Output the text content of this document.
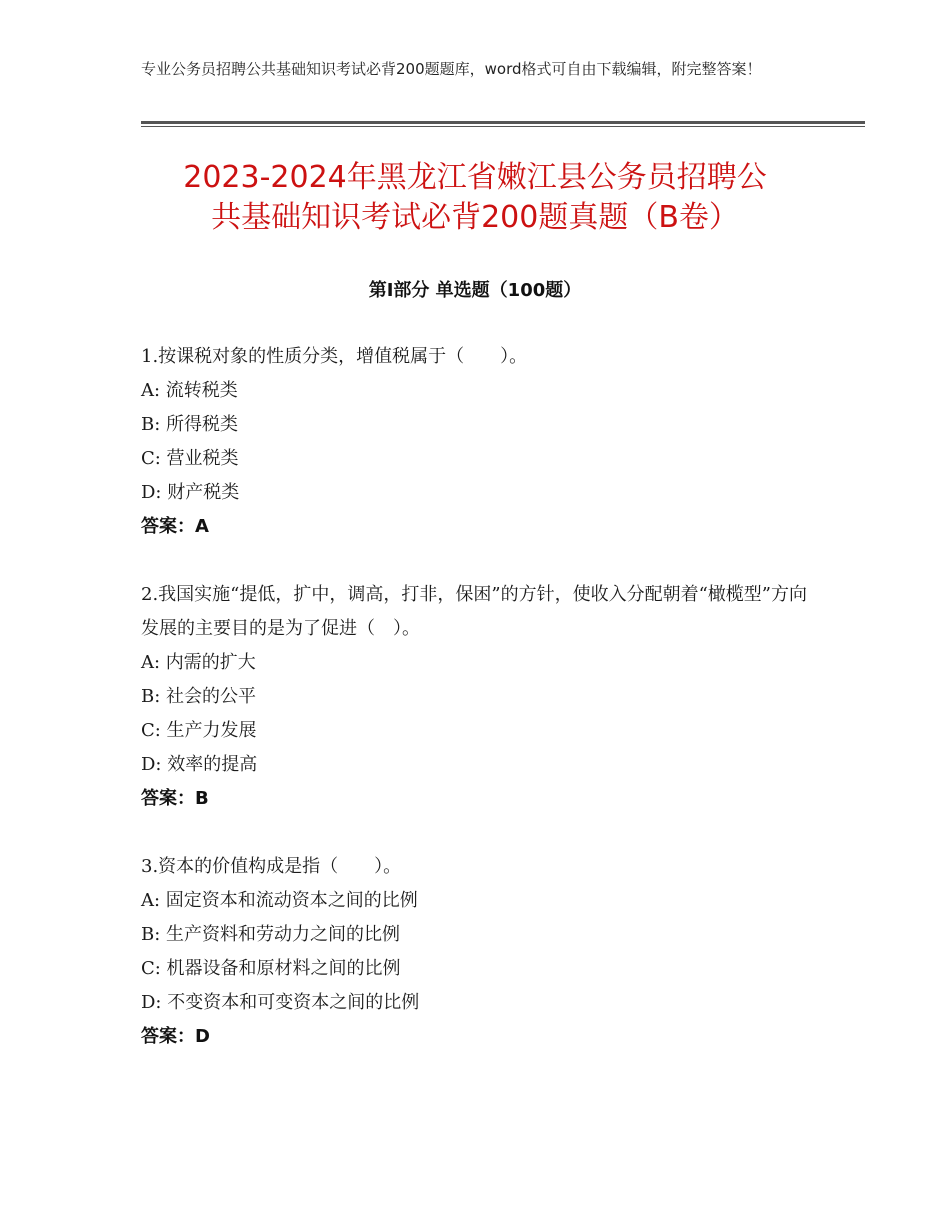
专业公务员招聘公共基础知识考试必背200题题库，word格式可自由下载编辑，附完整答案！
2023-2024年黑龙江省嫩江县公务员招聘公
共基础知识考试必背200题真题（B卷）
第Ⅰ部分 单选题（100题）
1.按课税对象的性质分类，增值税属于（　　）。
A: 流转税类
B: 所得税类
C: 营业税类
D: 财产税类
答案：A
2.我国实施“提低，扩中，调高，打非，保困”的方针，使收入分配朝着“橄榄型”方向发展的主要目的是为了促进（　）。
A: 内需的扩大
B: 社会的公平
C: 生产力发展
D: 效率的提高
答案：B
3.资本的价值构成是指（　　）。
A: 固定资本和流动资本之间的比例
B: 生产资料和劳动力之间的比例
C: 机器设备和原材料之间的比例
D: 不变资本和可变资本之间的比例
答案：D
